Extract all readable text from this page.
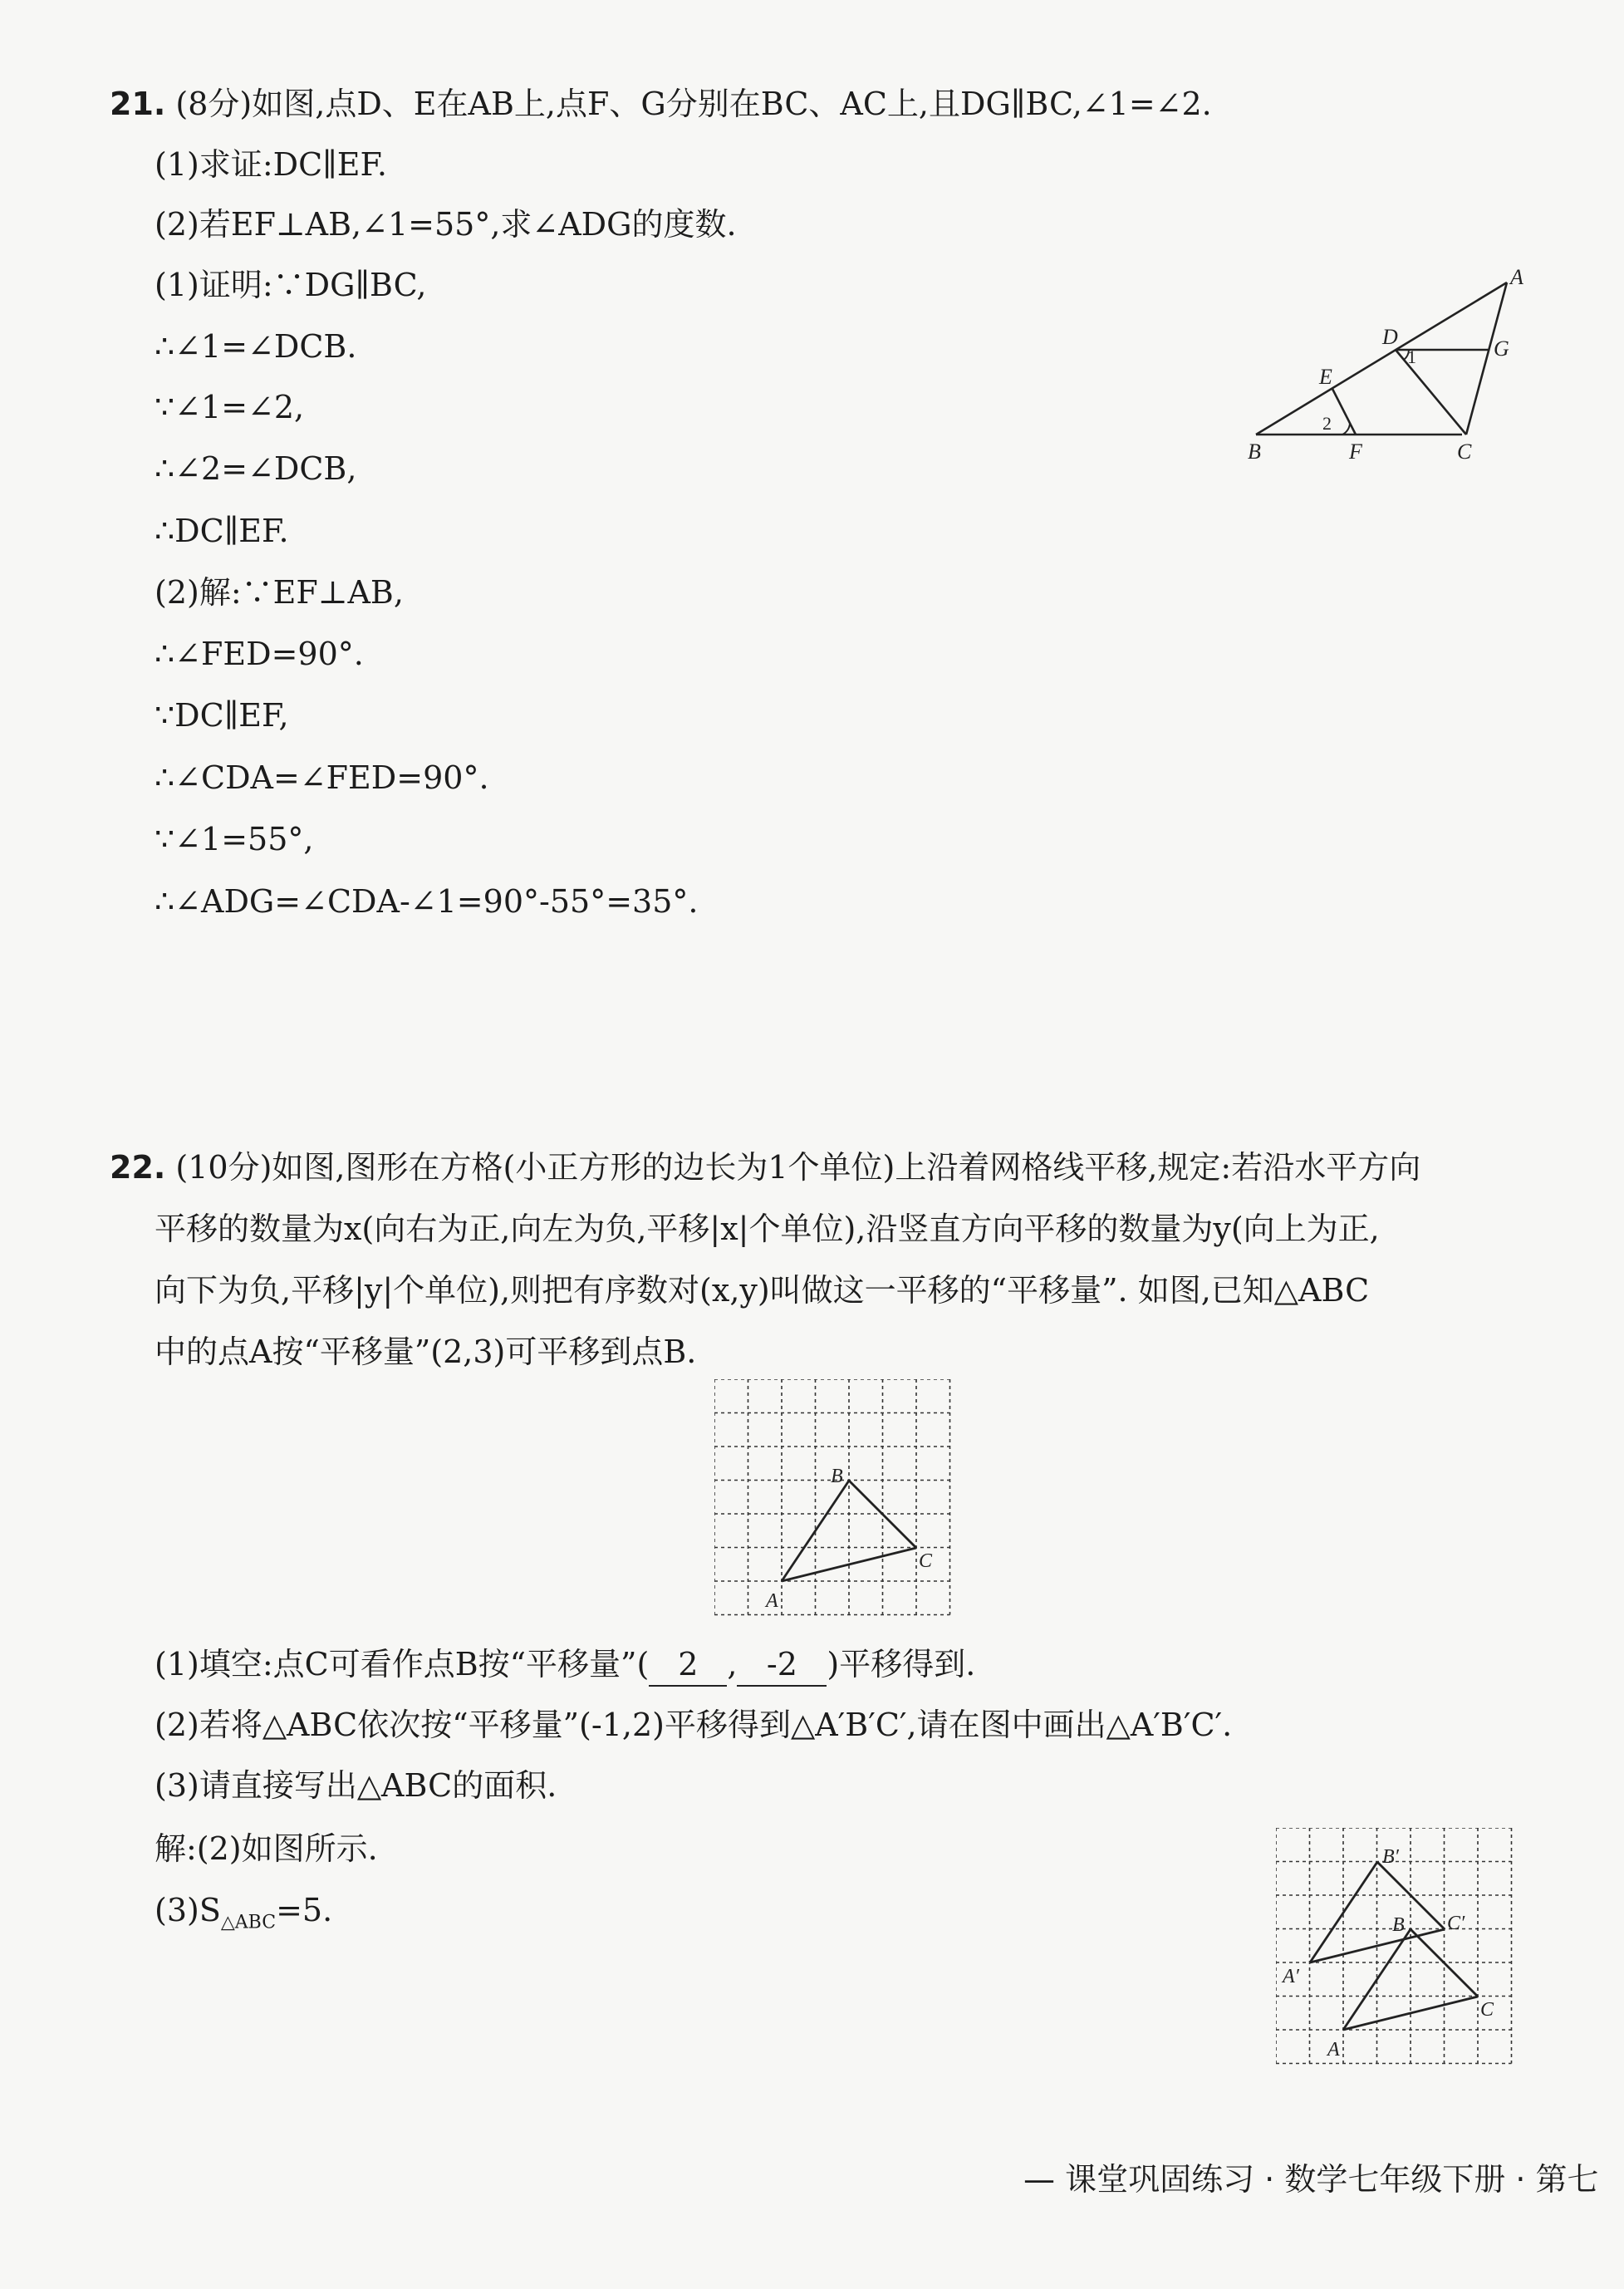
21. (8分)如图,点D、E在AB上,点F、G分别在BC、AC上,且DG∥BC,∠1=∠2.
(1)求证:DC∥EF.
(2)若EF⊥AB,∠1=55°,求∠ADG的度数.
(1)证明:∵DG∥BC,
∴∠1=∠DCB.
∵∠1=∠2,
∴∠2=∠DCB,
∴DC∥EF.
(2)解:∵EF⊥AB,
∴∠FED=90°.
∵DC∥EF,
∴∠CDA=∠FED=90°.
∵∠1=55°,
∴∠ADG=∠CDA-∠1=90°-55°=35°.
A
D	G
E
B	F	C
1
2
22. (10分)如图,图形在方格(小正方形的边长为1个单位)上沿着网格线平移,规定:若沿水平方向
平移的数量为x(向右为正,向左为负,平移|x|个单位),沿竖直方向平移的数量为y(向上为正,
向下为负,平移|y|个单位),则把有序数对(x,y)叫做这一平移的“平移量”. 如图,已知△ABC
中的点A按“平移量”(2,3)可平移到点B.
B
C
A
(1)填空:点C可看作点B按“平移量”( 2 , -2 )平移得到.
(2)若将△ABC依次按“平移量”(-1,2)平移得到△A′B′C′,请在图中画出△A′B′C′.
(3)请直接写出△ABC的面积.
解:(2)如图所示.
$(3)S_{\triangle ABC}=5$.
B′
B C′
A′
C
A
— 课堂巩固练习 · 数学七年级下册 · 第七
